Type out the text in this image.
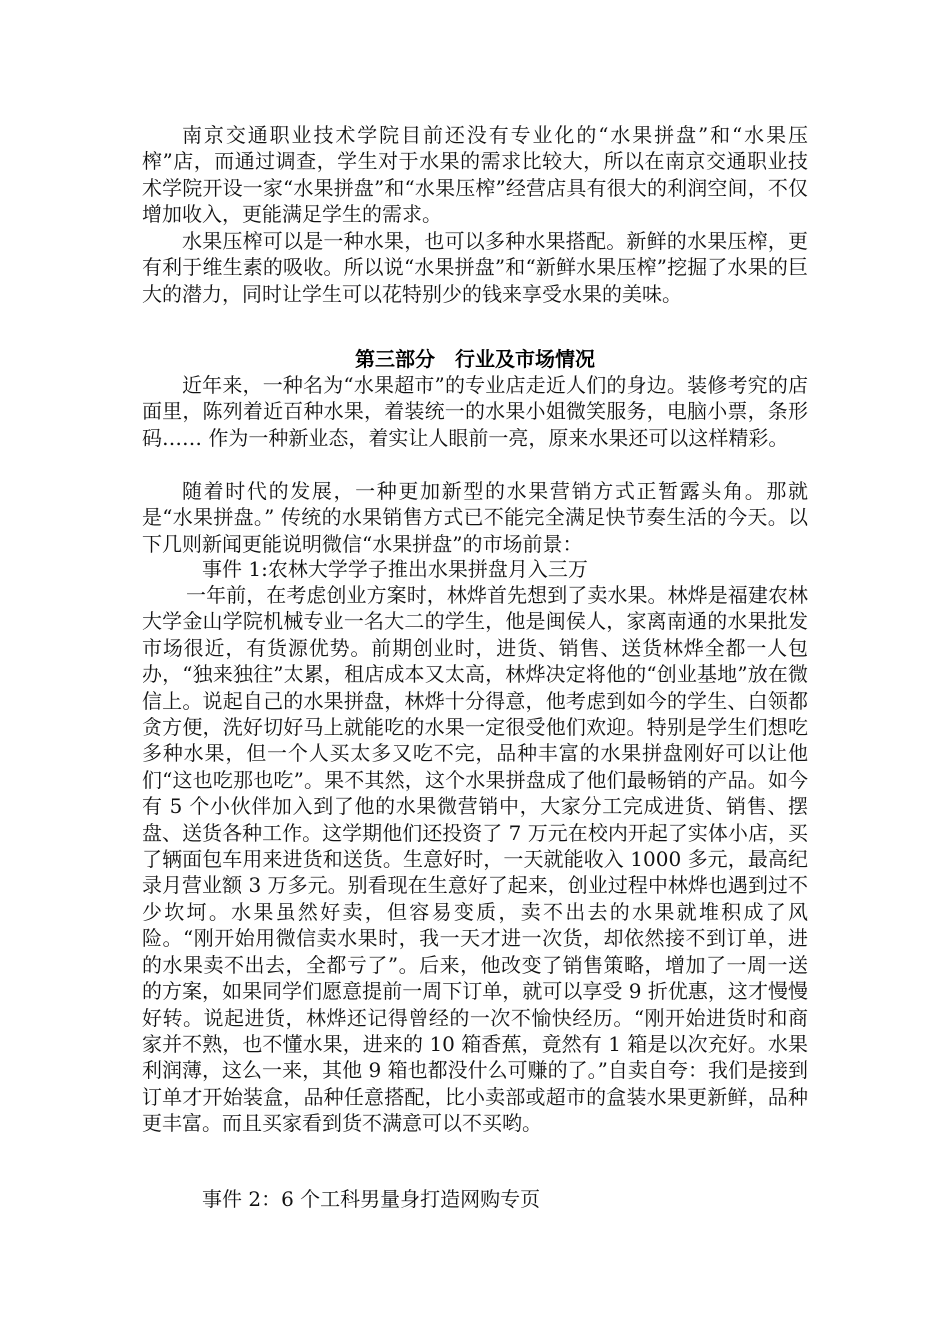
南京交通职业技术学院目前还没有专业化的“水果拼盘”和“水果压榨”店，而通过调查，学生对于水果的需求比较大，所以在南京交通职业技术学院开设一家“水果拼盘”和“水果压榨”经营店具有很大的利润空间，不仅增加收入，更能满足学生的需求。

水果压榨可以是一种水果，也可以多种水果搭配。新鲜的水果压榨，更有利于维生素的吸收。所以说“水果拼盘”和“新鲜水果压榨”挖掘了水果的巨大的潜力，同时让学生可以花特别少的钱来享受水果的美味。

第三部分　行业及市场情况

近年来，一种名为“水果超市”的专业店走近人们的身边。装修考究的店面里，陈列着近百种水果，着装统一的水果小姐微笑服务，电脑小票，条形码…… 作为一种新业态，着实让人眼前一亮，原来水果还可以这样精彩。

随着时代的发展，一种更加新型的水果营销方式正暂露头角。那就是“水果拼盘。” 传统的水果销售方式已不能完全满足快节奏生活的今天。以下几则新闻更能说明微信“水果拼盘”的市场前景：

事件 1:农林大学学子推出水果拼盘月入三万

一年前，在考虑创业方案时，林烨首先想到了卖水果。林烨是福建农林大学金山学院机械专业一名大二的学生，他是闽侯人，家离南通的水果批发市场很近，有货源优势。前期创业时，进货、销售、送货林烨全都一人包办，“独来独往”太累，租店成本又太高，林烨决定将他的“创业基地”放在微信上。说起自己的水果拼盘，林烨十分得意，他考虑到如今的学生、白领都贪方便，洗好切好马上就能吃的水果一定很受他们欢迎。特别是学生们想吃多种水果，但一个人买太多又吃不完，品种丰富的水果拼盘刚好可以让他们“这也吃那也吃”。果不其然，这个水果拼盘成了他们最畅销的产品。如今有 5 个小伙伴加入到了他的水果微营销中，大家分工完成进货、销售、摆盘、送货各种工作。这学期他们还投资了 7 万元在校内开起了实体小店，买了辆面包车用来进货和送货。生意好时，一天就能收入 1000 多元，最高纪录月营业额 3 万多元。别看现在生意好了起来，创业过程中林烨也遇到过不少坎坷。水果虽然好卖，但容易变质，卖不出去的水果就堆积成了风险。“刚开始用微信卖水果时，我一天才进一次货，却依然接不到订单，进的水果卖不出去，全都亏了”。后来，他改变了销售策略，增加了一周一送的方案，如果同学们愿意提前一周下订单，就可以享受 9 折优惠，这才慢慢好转。说起进货，林烨还记得曾经的一次不愉快经历。“刚开始进货时和商家并不熟，也不懂水果，进来的 10 箱香蕉，竟然有 1 箱是以次充好。水果利润薄，这么一来，其他 9 箱也都没什么可赚的了。”自卖自夸：我们是接到订单才开始装盒，品种任意搭配，比小卖部或超市的盒装水果更新鲜，品种更丰富。而且买家看到货不满意可以不买哟。

事件 2：6 个工科男量身打造网购专页
